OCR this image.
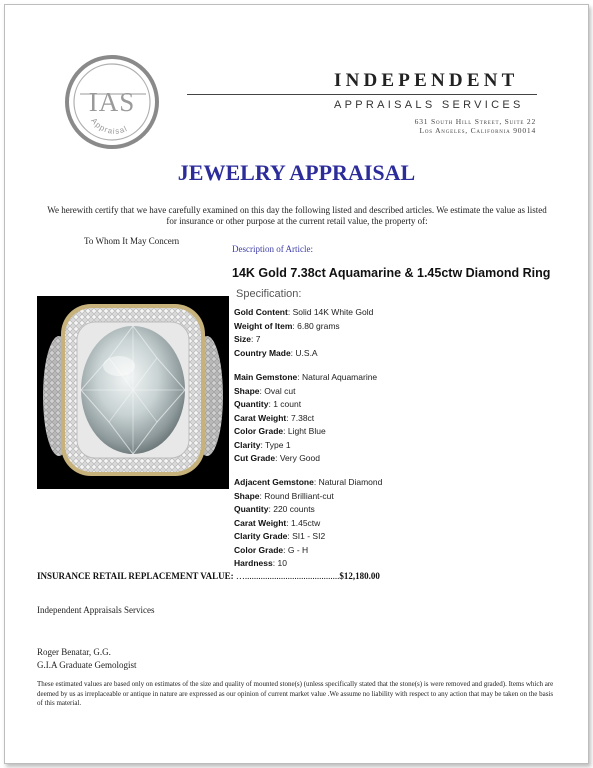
IAS
Appraisal
INDEPENDENT
APPRAISALS SERVICES
631 South Hill Street, Suite 22
Los Angeles, California 90014
JEWELRY APPRAISAL
We herewith certify that we have carefully examined on this day the following listed and described articles. We estimate the value as listed for insurance or other purpose at the current retail value, the property of:
To Whom It May Concern
Description of Article:
14K Gold 7.38ct Aquamarine & 1.45ctw Diamond Ring
Specification:
Gold Content: Solid 14K White Gold
Weight of Item: 6.80 grams
Size: 7
Country Made: U.S.A
Main Gemstone: Natural Aquamarine
Shape: Oval cut
Quantity: 1 count
Carat Weight: 7.38ct
Color Grade: Light Blue
Clarity: Type 1
Cut Grade: Very Good
Adjacent Gemstone: Natural Diamond
Shape: Round Brilliant-cut
Quantity: 220 counts
Carat Weight: 1.45ctw
Clarity Grade: SI1 - SI2
Color Grade: G - H
Hardness: 10
INSURANCE RETAIL REPLACEMENT VALUE: …..........................................$12,180.00
Independent Appraisals Services
Roger Benatar, G.G.
G.I.A Graduate Gemologist
These estimated values are based only on estimates of the size and quality of mounted stone(s) (unless specifically stated that the stone(s) is were removed and graded). Items which are deemed by us as irreplaceable or antique in nature are expressed as our opinion of current market value .We assume no liability with respect to any action that may be taken on the basis of this material.
